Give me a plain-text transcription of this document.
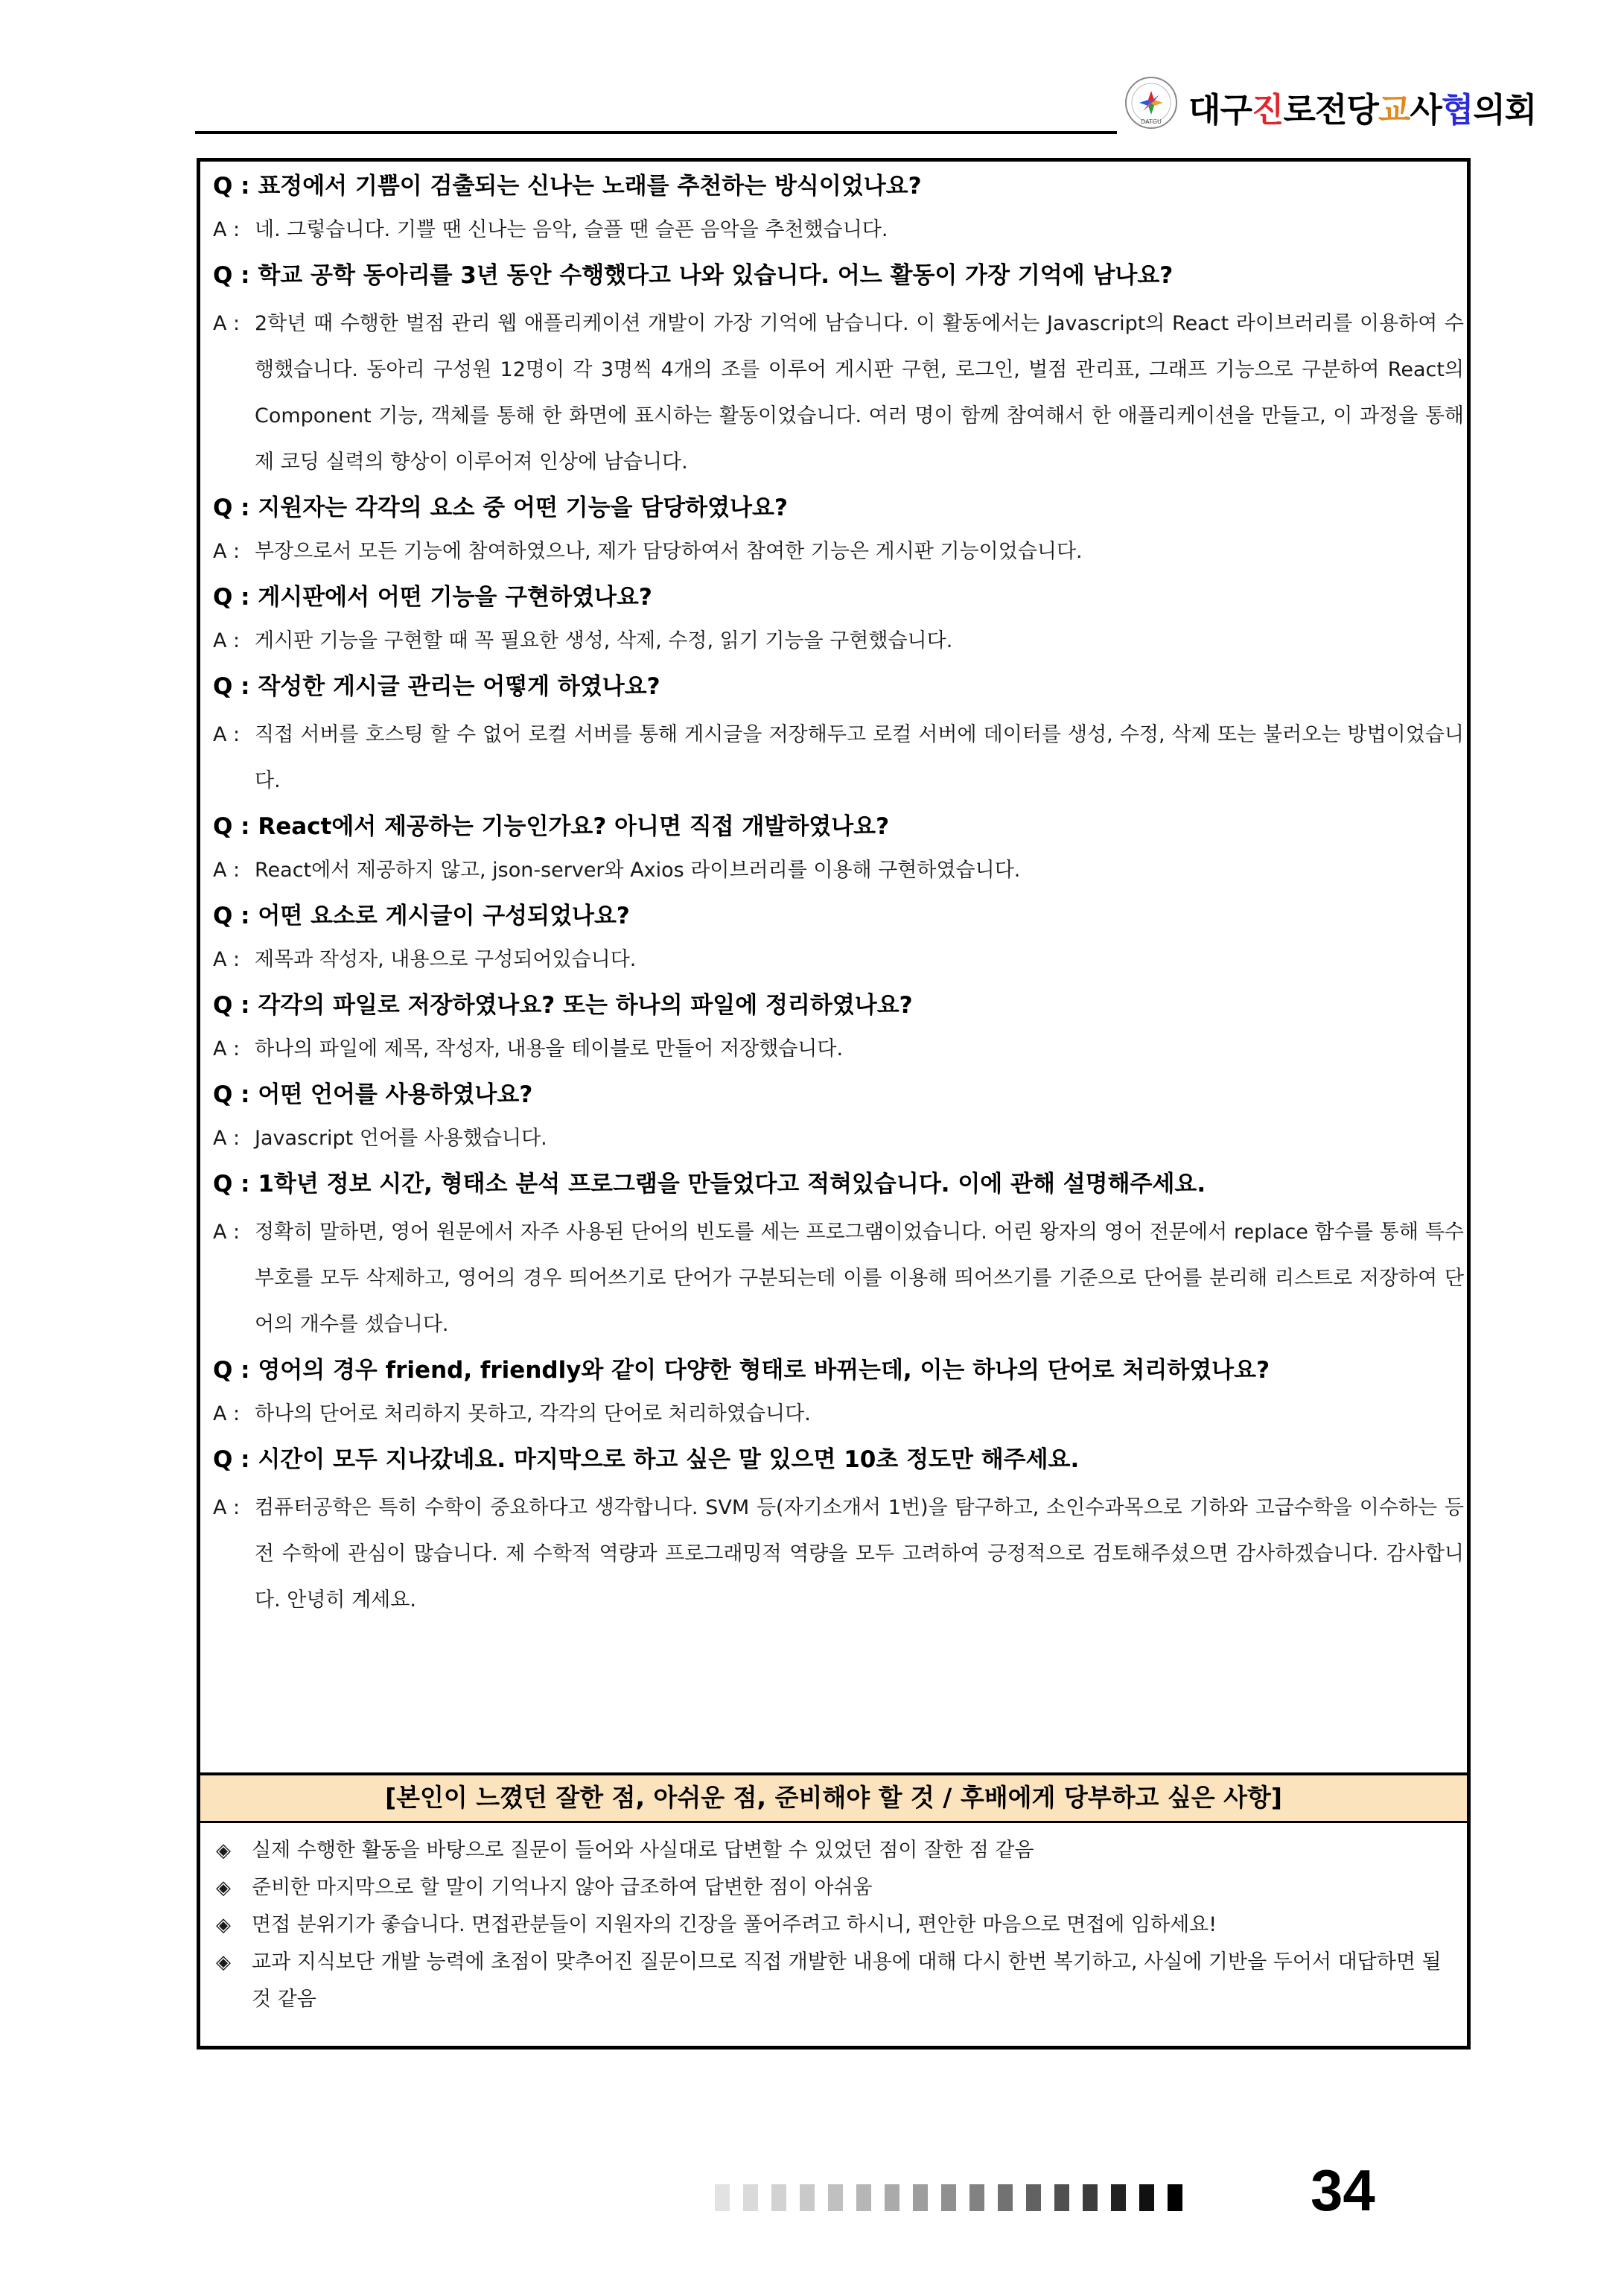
DATGU 대구진로전당교사협의회
Q : 표정에서 기쁨이 검출되는 신나는 노래를 추천하는 방식이었나요?
A : 네. 그렇습니다. 기쁠 땐 신나는 음악, 슬플 땐 슬픈 음악을 추천했습니다.
Q : 학교 공학 동아리를 3년 동안 수행했다고 나와 있습니다. 어느 활동이 가장 기억에 남나요?
A : 2학년 때 수행한 벌점 관리 웹 애플리케이션 개발이 가장 기억에 남습니다. 이 활동에서는 Javascript의 React 라이브러리를 이용하여 수행했습니다. 동아리 구성원 12명이 각 3명씩 4개의 조를 이루어 게시판 구현, 로그인, 벌점 관리표, 그래프 기능으로 구분하여 React의 Component 기능, 객체를 통해 한 화면에 표시하는 활동이었습니다. 여러 명이 함께 참여해서 한 애플리케이션을 만들고, 이 과정을 통해 제 코딩 실력의 향상이 이루어져 인상에 남습니다.
Q : 지원자는 각각의 요소 중 어떤 기능을 담당하였나요?
A : 부장으로서 모든 기능에 참여하였으나, 제가 담당하여서 참여한 기능은 게시판 기능이었습니다.
Q : 게시판에서 어떤 기능을 구현하였나요?
A : 게시판 기능을 구현할 때 꼭 필요한 생성, 삭제, 수정, 읽기 기능을 구현했습니다.
Q : 작성한 게시글 관리는 어떻게 하였나요?
A : 직접 서버를 호스팅 할 수 없어 로컬 서버를 통해 게시글을 저장해두고 로컬 서버에 데이터를 생성, 수정, 삭제 또는 불러오는 방법이었습니다.
Q : React에서 제공하는 기능인가요? 아니면 직접 개발하였나요?
A : React에서 제공하지 않고, json-server와 Axios 라이브러리를 이용해 구현하였습니다.
Q : 어떤 요소로 게시글이 구성되었나요?
A : 제목과 작성자, 내용으로 구성되어있습니다.
Q : 각각의 파일로 저장하였나요? 또는 하나의 파일에 정리하였나요?
A : 하나의 파일에 제목, 작성자, 내용을 테이블로 만들어 저장했습니다.
Q : 어떤 언어를 사용하였나요?
A : Javascript 언어를 사용했습니다.
Q : 1학년 정보 시간, 형태소 분석 프로그램을 만들었다고 적혀있습니다. 이에 관해 설명해주세요.
A : 정확히 말하면, 영어 원문에서 자주 사용된 단어의 빈도를 세는 프로그램이었습니다. 어린 왕자의 영어 전문에서 replace 함수를 통해 특수부호를 모두 삭제하고, 영어의 경우 띄어쓰기로 단어가 구분되는데 이를 이용해 띄어쓰기를 기준으로 단어를 분리해 리스트로 저장하여 단어의 개수를 셌습니다.
Q : 영어의 경우 friend, friendly와 같이 다양한 형태로 바뀌는데, 이는 하나의 단어로 처리하였나요?
A : 하나의 단어로 처리하지 못하고, 각각의 단어로 처리하였습니다.
Q : 시간이 모두 지나갔네요. 마지막으로 하고 싶은 말 있으면 10초 정도만 해주세요.
A : 컴퓨터공학은 특히 수학이 중요하다고 생각합니다. SVM 등(자기소개서 1번)을 탐구하고, 소인수과목으로 기하와 고급수학을 이수하는 등 전 수학에 관심이 많습니다. 제 수학적 역량과 프로그래밍적 역량을 모두 고려하여 긍정적으로 검토해주셨으면 감사하겠습니다. 감사합니다. 안녕히 계세요.
[본인이 느꼈던 잘한 점, 아쉬운 점, 준비해야 할 것 / 후배에게 당부하고 싶은 사항]
◈ 실제 수행한 활동을 바탕으로 질문이 들어와 사실대로 답변할 수 있었던 점이 잘한 점 같음
◈ 준비한 마지막으로 할 말이 기억나지 않아 급조하여 답변한 점이 아쉬움
◈ 면접 분위기가 좋습니다. 면접관분들이 지원자의 긴장을 풀어주려고 하시니, 편안한 마음으로 면접에 임하세요!
◈ 교과 지식보단 개발 능력에 초점이 맞추어진 질문이므로 직접 개발한 내용에 대해 다시 한번 복기하고, 사실에 기반을 두어서 대답하면 될 것 같음
34
